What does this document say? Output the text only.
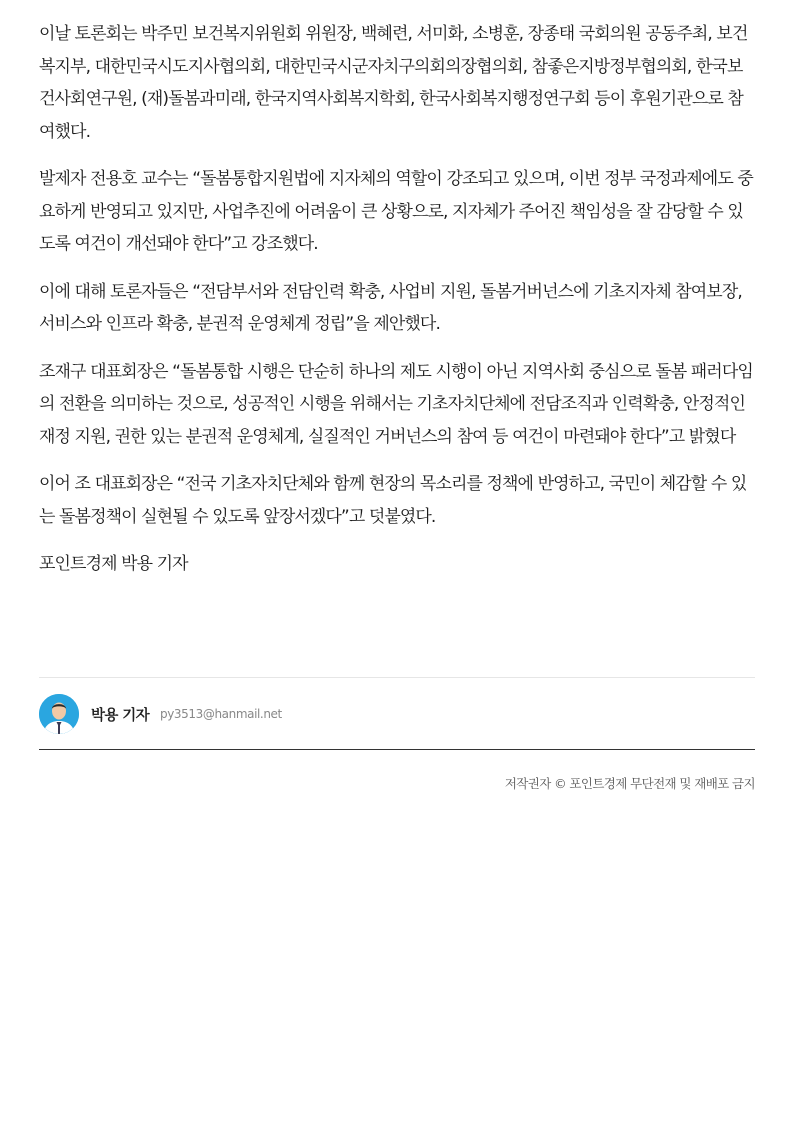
이날 토론회는 박주민 보건복지위원회 위원장, 백혜련, 서미화, 소병훈, 장종태 국회의원 공동주최, 보건복지부, 대한민국시도지사협의회, 대한민국시군자치구의회의장협의회, 참좋은지방정부협의회, 한국보건사회연구원, (재)돌봄과미래, 한국지역사회복지학회, 한국사회복지행정연구회 등이 후원기관으로 참여했다.

발제자 전용호 교수는 “돌봄통합지원법에 지자체의 역할이 강조되고 있으며, 이번 정부 국정과제에도 중요하게 반영되고 있지만, 사업추진에 어려움이 큰 상황으로, 지자체가 주어진 책임성을 잘 감당할 수 있도록 여건이 개선돼야 한다”고 강조했다.

이에 대해 토론자들은 “전담부서와 전담인력 확충, 사업비 지원, 돌봄거버넌스에 기초지자체 참여보장, 서비스와 인프라 확충, 분권적 운영체계 정립”을 제안했다.

조재구 대표회장은 “돌봄통합 시행은 단순히 하나의 제도 시행이 아닌 지역사회 중심으로 돌봄 패러다임의 전환을 의미하는 것으로, 성공적인 시행을 위해서는 기초자치단체에 전담조직과 인력확충, 안정적인 재정 지원, 권한 있는 분권적 운영체계, 실질적인 거버넌스의 참여 등 여건이 마련돼야 한다”고 밝혔다

이어 조 대표회장은 “전국 기초자치단체와 함께 현장의 목소리를 정책에 반영하고, 국민이 체감할 수 있는 돌봄정책이 실현될 수 있도록 앞장서겠다”고 덧붙였다.

포인트경제 박용 기자

박용 기자 py3513@hanmail.net
저작권자 © 포인트경제 무단전재 및 재배포 금지
